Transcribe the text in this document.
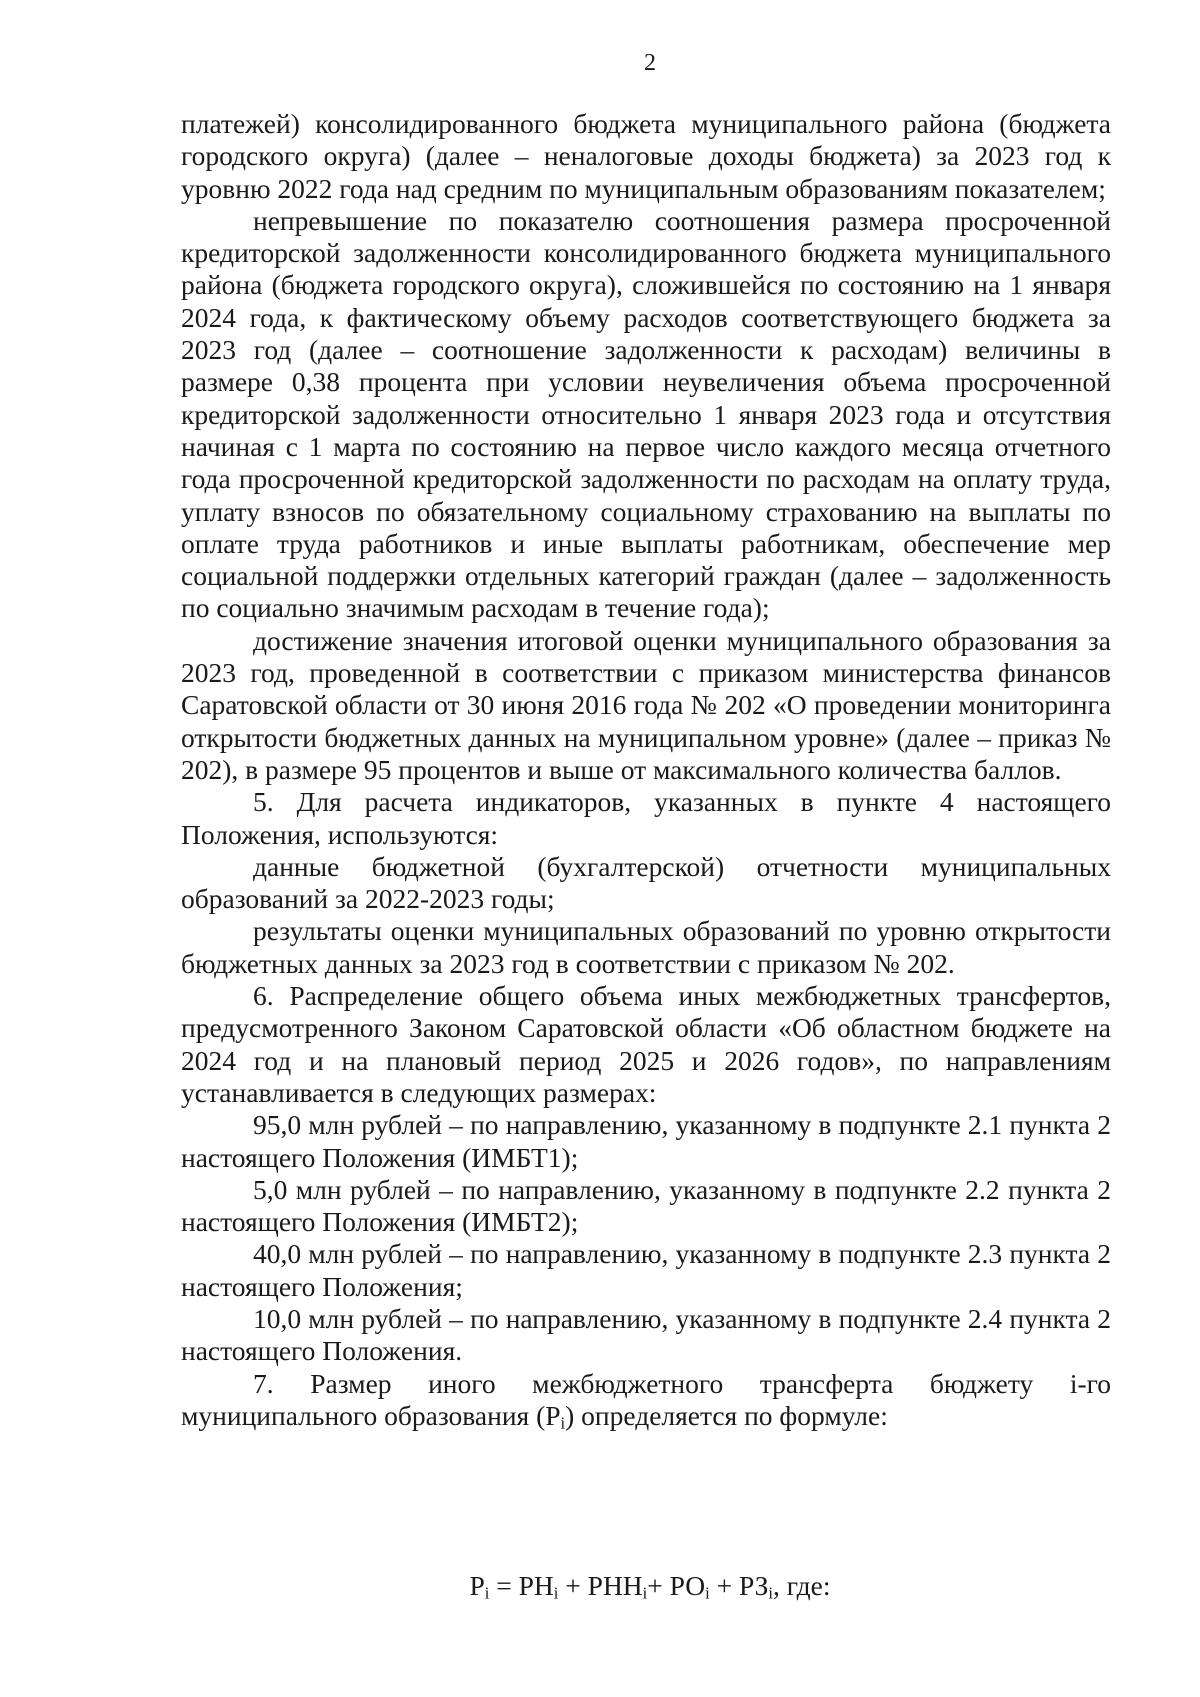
2

платежей) консолидированного бюджета муниципального района (бюджета городского округа) (далее – неналоговые доходы бюджета) за 2023 год к уровню 2022 года над средним по муниципальным образованиям показателем;

непревышение по показателю соотношения размера просроченной кредиторской задолженности консолидированного бюджета муниципального района (бюджета городского округа), сложившейся по состоянию на 1 января 2024 года, к фактическому объему расходов соответствующего бюджета за 2023 год (далее – соотношение задолженности к расходам) величины в размере 0,38 процента при условии неувеличения объема просроченной кредиторской задолженности относительно 1 января 2023 года и отсутствия начиная с 1 марта по состоянию на первое число каждого месяца отчетного года просроченной кредиторской задолженности по расходам на оплату труда, уплату взносов по обязательному социальному страхованию на выплаты по оплате труда работников и иные выплаты работникам, обеспечение мер социальной поддержки отдельных категорий граждан (далее – задолженность по социально значимым расходам в течение года);

достижение значения итоговой оценки муниципального образования за 2023 год, проведенной в соответствии с приказом министерства финансов Саратовской области от 30 июня 2016 года № 202 «О проведении мониторинга открытости бюджетных данных на муниципальном уровне» (далее – приказ № 202), в размере 95 процентов и выше от максимального количества баллов.

5. Для расчета индикаторов, указанных в пункте 4 настоящего Положения, используются:

данные бюджетной (бухгалтерской) отчетности муниципальных образований за 2022-2023 годы;

результаты оценки муниципальных образований по уровню открытости бюджетных данных за 2023 год в соответствии с приказом № 202.

6. Распределение общего объема иных межбюджетных трансфертов, предусмотренного Законом Саратовской области «Об областном бюджете на 2024 год и на плановый период 2025 и 2026 годов», по направлениям устанавливается в следующих размерах:

95,0 млн рублей – по направлению, указанному в подпункте 2.1 пункта 2 настоящего Положения (ИМБТ1);

5,0 млн рублей – по направлению, указанному в подпункте 2.2 пункта 2 настоящего Положения (ИМБТ2);

40,0 млн рублей – по направлению, указанному в подпункте 2.3 пункта 2 настоящего Положения;

10,0 млн рублей – по направлению, указанному в подпункте 2.4 пункта 2 настоящего Положения.

7. Размер иного межбюджетного трансферта бюджету i-го муниципального образования $(P_i)$ определяется по формуле:

$P_i = РН_i + РНН_i+ РО_i + РЗ_i$, где:
